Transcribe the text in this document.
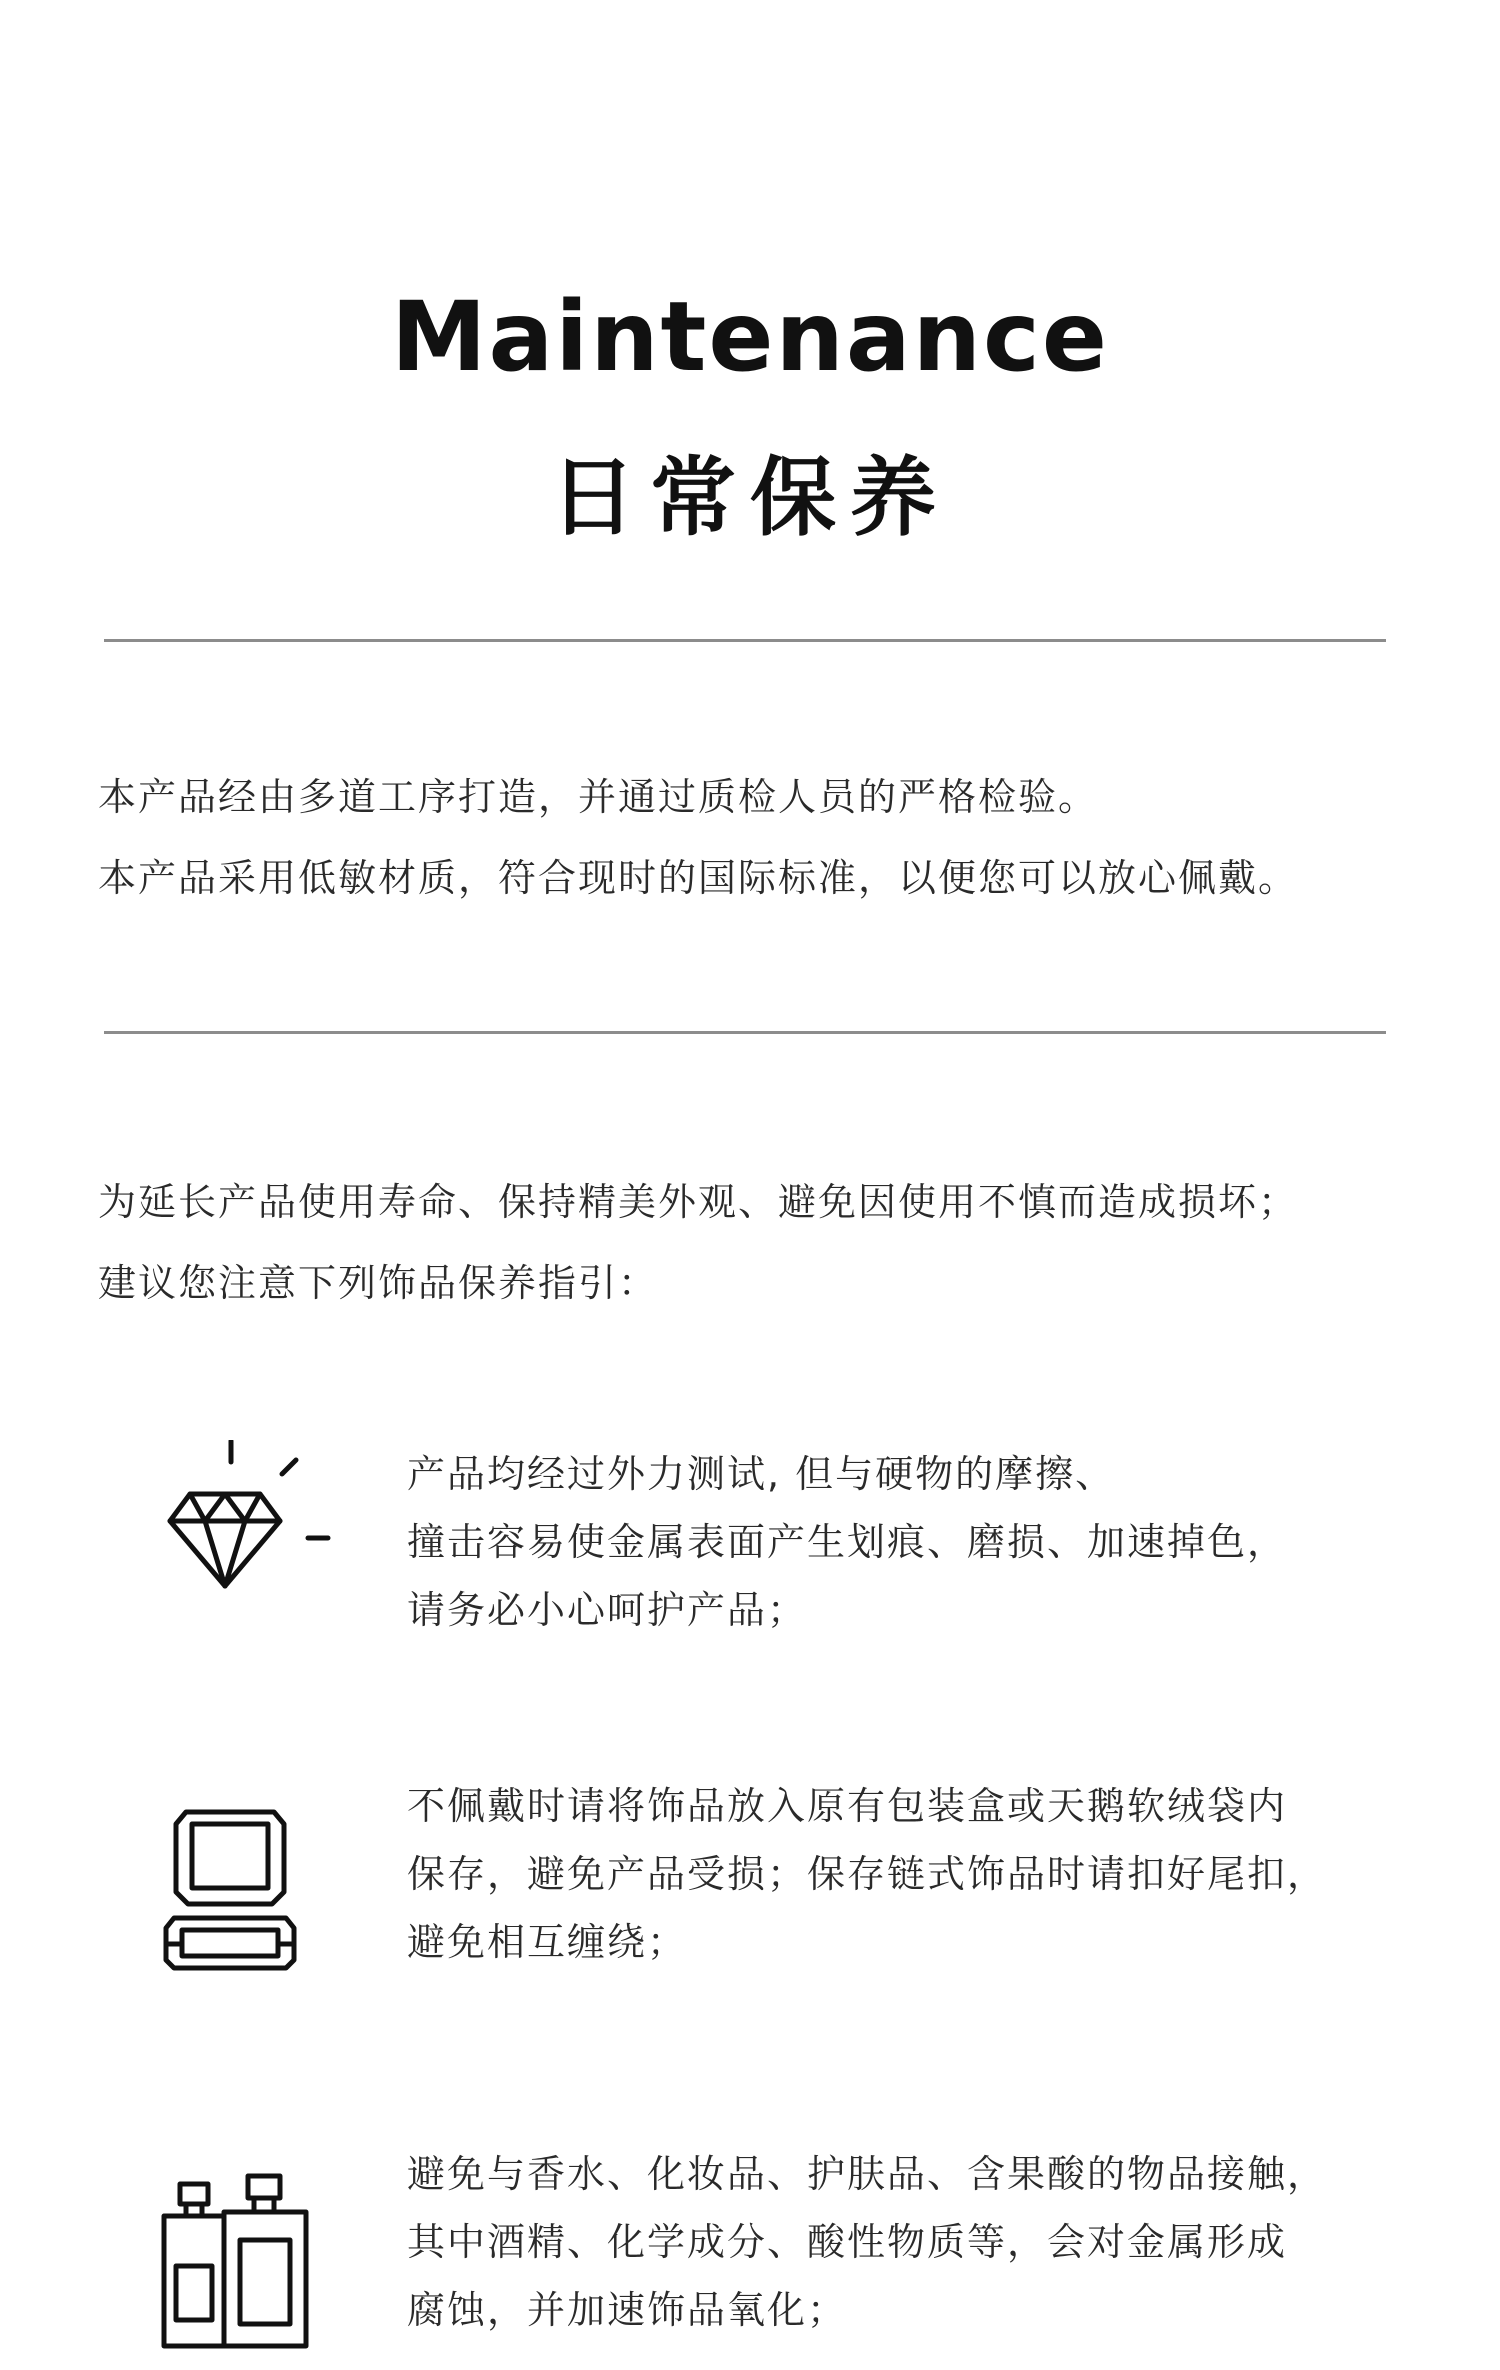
Maintenance
日常保养
本产品经由多道工序打造，并通过质检人员的严格检验。
本产品采用低敏材质，符合现时的国际标准，以便您可以放心佩戴。
为延长产品使用寿命、保持精美外观、避免因使用不慎而造成损坏；
建议您注意下列饰品保养指引：
产品均经过外力测试, 但与硬物的摩擦、
撞击容易使金属表面产生划痕、磨损、加速掉色，
请务必小心呵护产品；
不佩戴时请将饰品放入原有包装盒或天鹅软绒袋内
保存，避免产品受损；保存链式饰品时请扣好尾扣，
避免相互缠绕；
避免与香水、化妆品、护肤品、含果酸的物品接触，
其中酒精、化学成分、酸性物质等，会对金属形成
腐蚀，并加速饰品氧化；
